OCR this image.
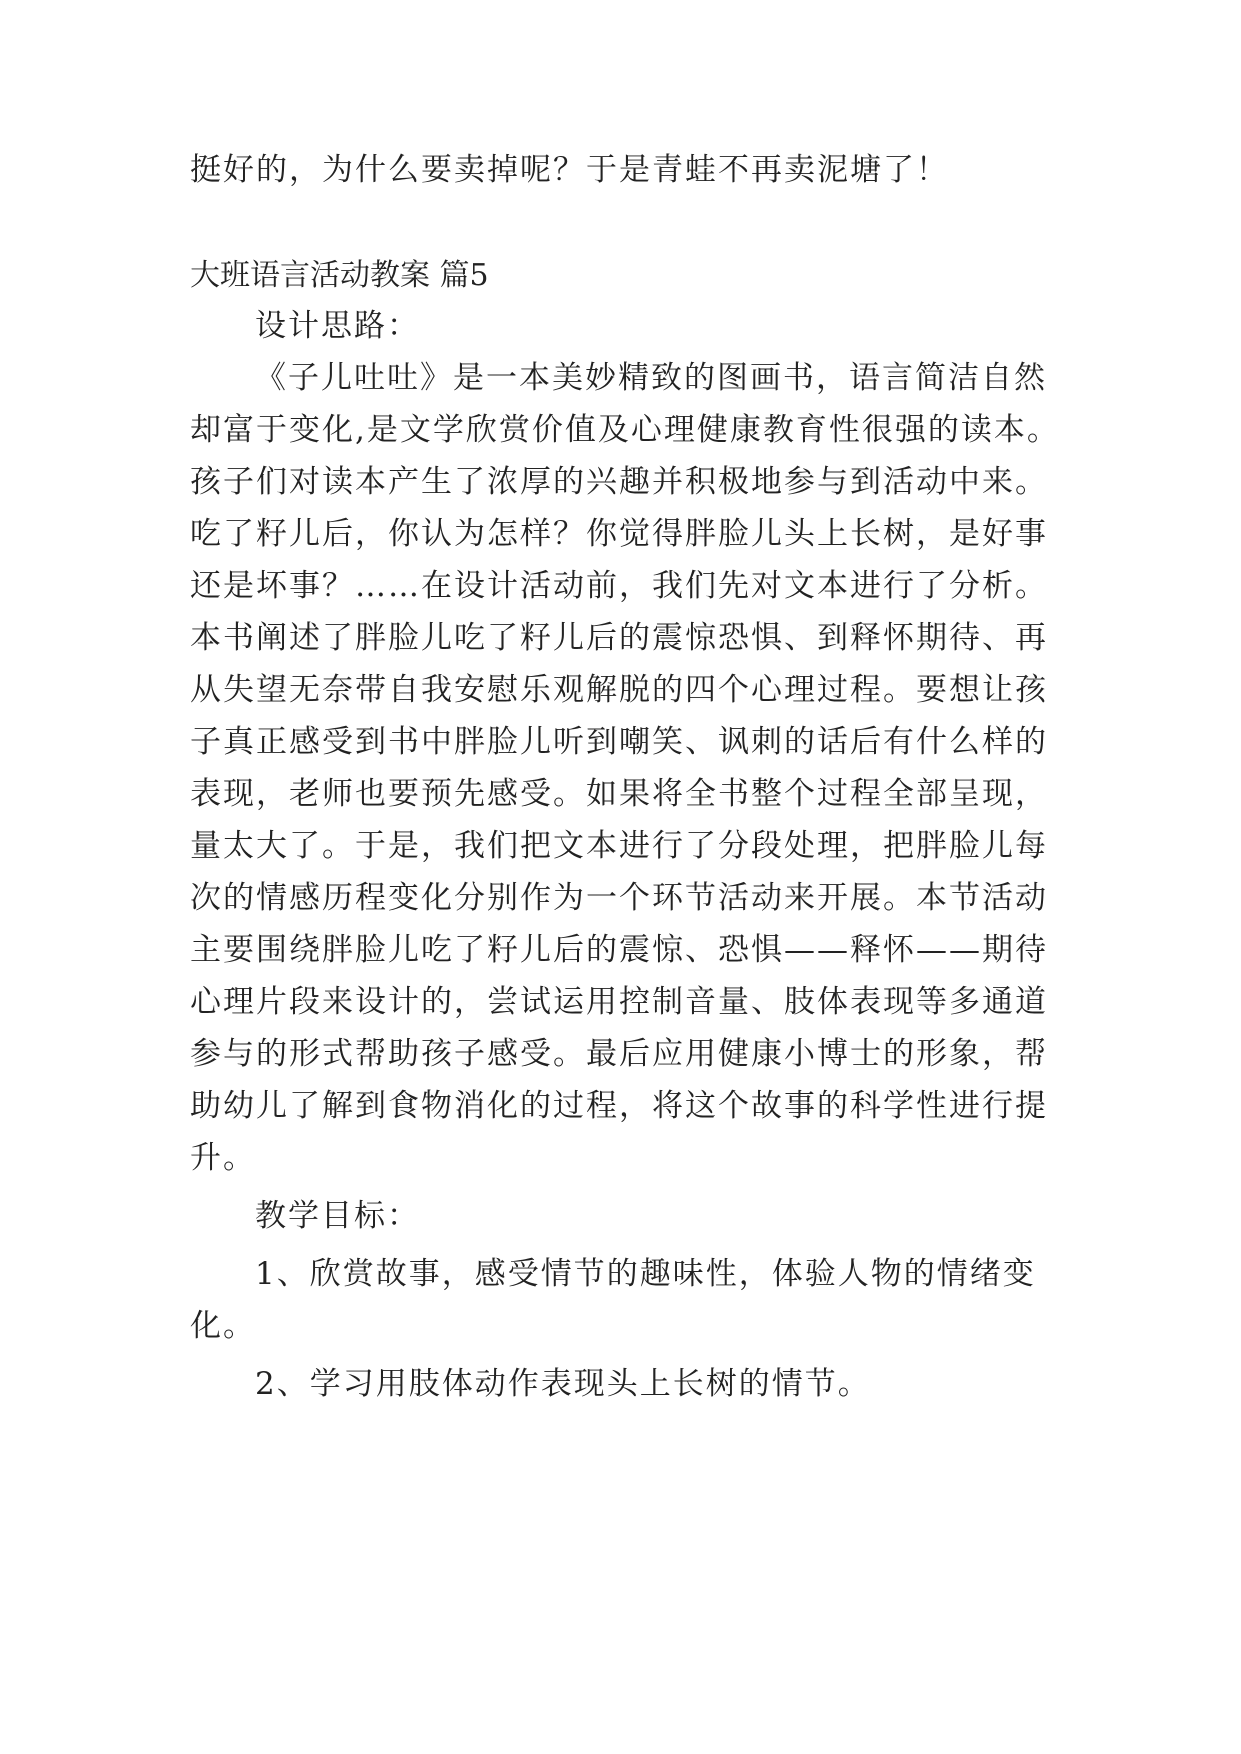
挺好的，为什么要卖掉呢？于是青蛙不再卖泥塘了！
大班语言活动教案 篇5
设计思路：
《子儿吐吐》是一本美妙精致的图画书，语言简洁自然
却富于变化,是文学欣赏价值及心理健康教育性很强的读本。
孩子们对读本产生了浓厚的兴趣并积极地参与到活动中来。
吃了籽儿后，你认为怎样？你觉得胖脸儿头上长树，是好事
还是坏事？……在设计活动前，我们先对文本进行了分析。
本书阐述了胖脸儿吃了籽儿后的震惊恐惧、到释怀期待、再
从失望无奈带自我安慰乐观解脱的四个心理过程。要想让孩
子真正感受到书中胖脸儿听到嘲笑、讽刺的话后有什么样的
表现，老师也要预先感受。如果将全书整个过程全部呈现，
量太大了。于是，我们把文本进行了分段处理，把胖脸儿每
次的情感历程变化分别作为一个环节活动来开展。本节活动
主要围绕胖脸儿吃了籽儿后的震惊、恐惧——释怀——期待
心理片段来设计的，尝试运用控制音量、肢体表现等多通道
参与的形式帮助孩子感受。最后应用健康小博士的形象，帮
助幼儿了解到食物消化的过程，将这个故事的科学性进行提
升。
教学目标：
1、欣赏故事，感受情节的趣味性，体验人物的情绪变
化。
2、学习用肢体动作表现头上长树的情节。
